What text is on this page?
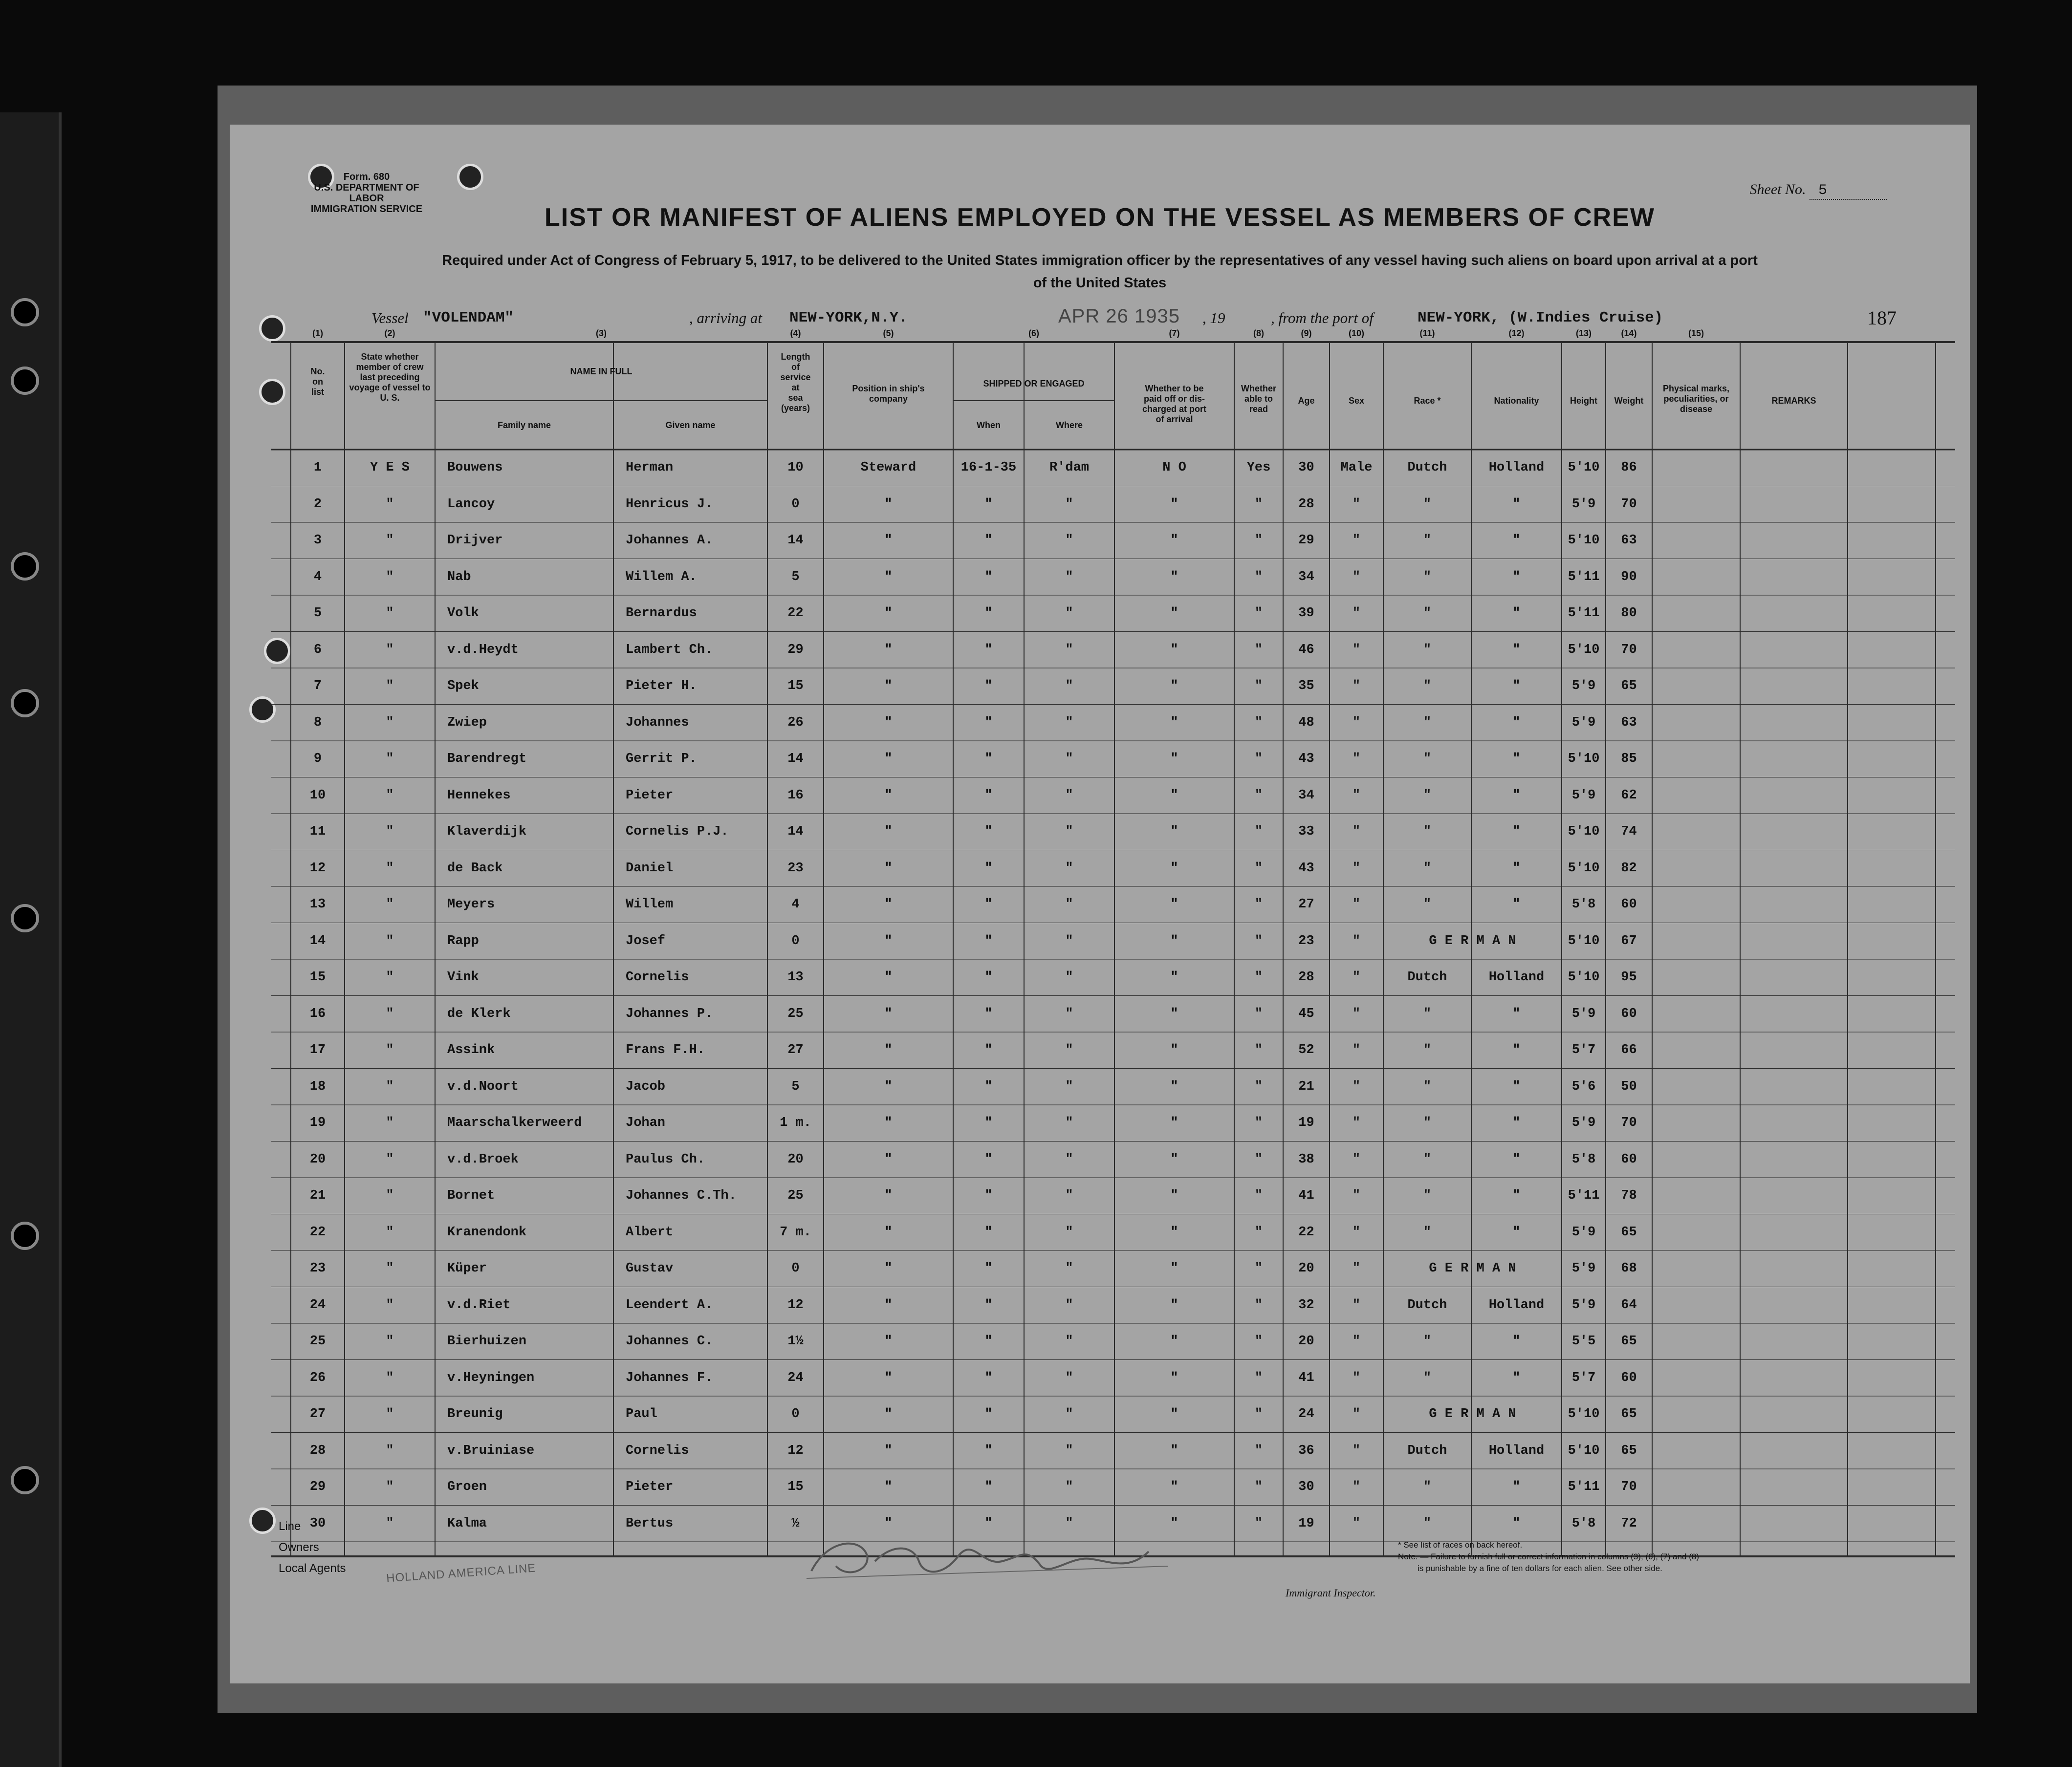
Form. 680
U.S. DEPARTMENT OF LABOR
IMMIGRATION SERVICE
Sheet No. 5
LIST OR MANIFEST OF ALIENS EMPLOYED ON THE VESSEL AS MEMBERS OF CREW
Required under Act of Congress of February 5, 1917, to be delivered to the United States immigration officer by the representatives of any vessel having such aliens on board upon arrival at a port
of the United States
Vessel "VOLENDAM"	, arriving at NEW-YORK,N.Y.	APR 26 1935 , 19	, from the port of	NEW-YORK, (W.Indies Cruise)	187
(1)
No.
on
list
(2)
State whether
member of crew
last preceding
voyage of vessel to
U. S.
(3)
NAME IN FULL
Family name	Given name
(4)
Length
of
service
at
sea
(years)
(5)
Position in ship's
company
(6)
SHIPPED OR ENGAGED
When	Where
(7)
Whether to be
paid off or dis-
charged at port
of arrival
(8)
Whether
able to
read
(9)
Age
(10)
Sex
(11)
Race *
(12)
Nationality
(13)
Height
(14)
Weight
(15)
Physical marks,
peculiarities, or
disease
REMARKS
1	Y E S	Bouwens	Herman	10	Steward	16-1-35	R'dam	N O	Yes	30	Male	Dutch	Holland	5'10	86
2	"	Lancoy	Henricus J.	0	"	"	"	"	"	28	"	"	"	5'9	70
3	"	Drijver	Johannes A.	14	"	"	"	"	"	29	"	"	"	5'10	63
4	"	Nab	Willem A.	5	"	"	"	"	"	34	"	"	"	5'11	90
5	"	Volk	Bernardus	22	"	"	"	"	"	39	"	"	"	5'11	80
6	"	v.d.Heydt	Lambert Ch.	29	"	"	"	"	"	46	"	"	"	5'10	70
7	"	Spek	Pieter H.	15	"	"	"	"	"	35	"	"	"	5'9	65
8	"	Zwiep	Johannes	26	"	"	"	"	"	48	"	"	"	5'9	63
9	"	Barendregt	Gerrit P.	14	"	"	"	"	"	43	"	"	"	5'10	85
10	"	Hennekes	Pieter	16	"	"	"	"	"	34	"	"	"	5'9	62
11	"	Klaverdijk	Cornelis P.J.	14	"	"	"	"	"	33	"	"	"	5'10	74
12	"	de Back	Daniel	23	"	"	"	"	"	43	"	"	"	5'10	82
13	"	Meyers	Willem	4	"	"	"	"	"	27	"	"	"	5'8	60
14	"	Rapp	Josef	0	"	"	"	"	"	23	"	G E R M A N	5'10	67
15	"	Vink	Cornelis	13	"	"	"	"	"	28	"	Dutch	Holland	5'10	95
16	"	de Klerk	Johannes P.	25	"	"	"	"	"	45	"	"	"	5'9	60
17	"	Assink	Frans F.H.	27	"	"	"	"	"	52	"	"	"	5'7	66
18	"	v.d.Noort	Jacob	5	"	"	"	"	"	21	"	"	"	5'6	50
19	"	Maarschalkerweerd	Johan	1 m.	"	"	"	"	"	19	"	"	"	5'9	70
20	"	v.d.Broek	Paulus Ch.	20	"	"	"	"	"	38	"	"	"	5'8	60
21	"	Bornet	Johannes C.Th.	25	"	"	"	"	"	41	"	"	"	5'11	78
22	"	Kranendonk	Albert	7 m.	"	"	"	"	"	22	"	"	"	5'9	65
23	"	Küper	Gustav	0	"	"	"	"	"	20	"	G E R M A N	5'9	68
24	"	v.d.Riet	Leendert A.	12	"	"	"	"	"	32	"	Dutch	Holland	5'9	64
25	"	Bierhuizen	Johannes C.	1½	"	"	"	"	"	20	"	"	"	5'5	65
26	"	v.Heyningen	Johannes F.	24	"	"	"	"	"	41	"	"	"	5'7	60
27	"	Breunig	Paul	0	"	"	"	"	"	24	"	G E R M A N	5'10	65
28	"	v.Bruiniase	Cornelis	12	"	"	"	"	"	36	"	Dutch	Holland	5'10	65
29	"	Groen	Pieter	15	"	"	"	"	"	30	"	"	"	5'11	70
30	"	Kalma	Bertus	½	"	"	"	"	"	19	"	"	"	5'8	72
Line
Owners
Local Agents	HOLLAND AMERICA LINE
Immigrant Inspector.
* See list of races on back hereof.
Note. — Failure to furnish full or correct information in columns (3), (6), (7) and (8)
is punishable by a fine of ten dollars for each alien. See other side.
